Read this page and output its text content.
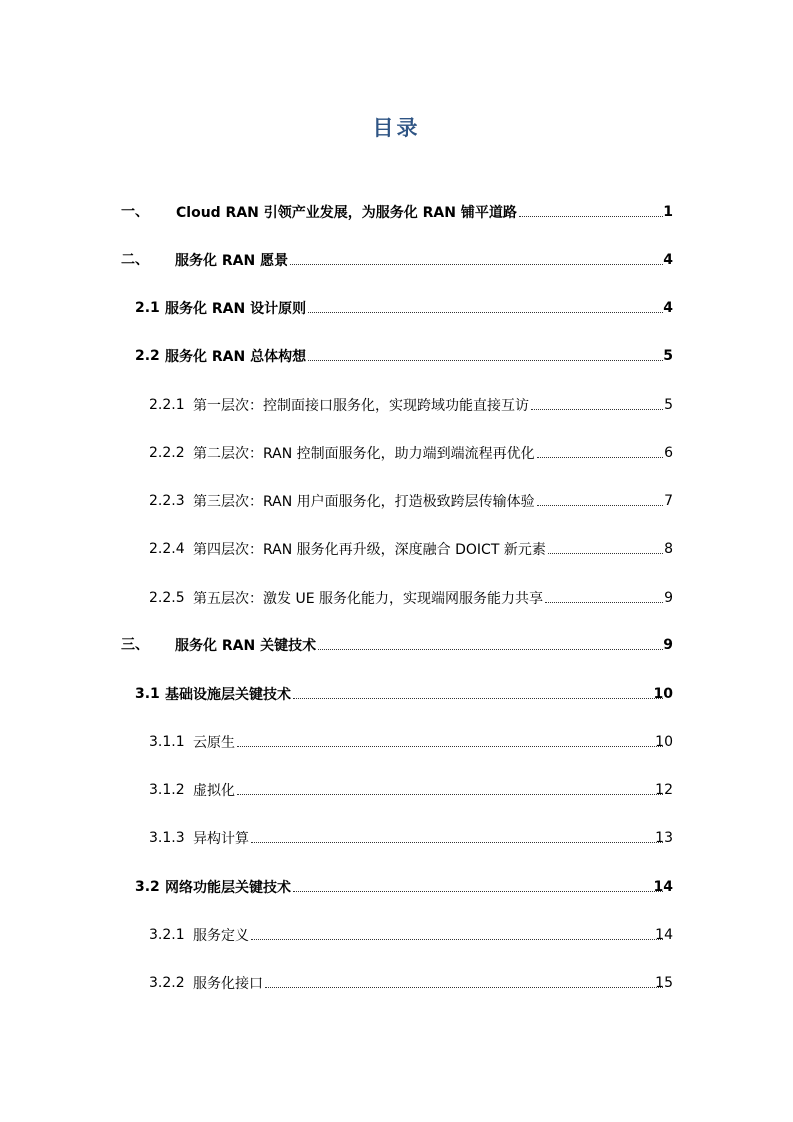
目录
一、 Cloud RAN 引领产业发展，为服务化 RAN 铺平道路	1
二、 服务化 RAN 愿景	4
2.1 服务化 RAN 设计原则	4
2.2 服务化 RAN 总体构想	5
2.2.1 第一层次：控制面接口服务化，实现跨域功能直接互访	5
2.2.2 第二层次：RAN 控制面服务化，助力端到端流程再优化	6
2.2.3 第三层次：RAN 用户面服务化，打造极致跨层传输体验	7
2.2.4 第四层次：RAN 服务化再升级，深度融合 DOICT 新元素	8
2.2.5 第五层次：激发 UE 服务化能力，实现端网服务能力共享	9
三、 服务化 RAN 关键技术	9
3.1 基础设施层关键技术	10
3.1.1 云原生	10
3.1.2 虚拟化	12
3.1.3 异构计算	13
3.2 网络功能层关键技术	14
3.2.1 服务定义	14
3.2.2 服务化接口	15
